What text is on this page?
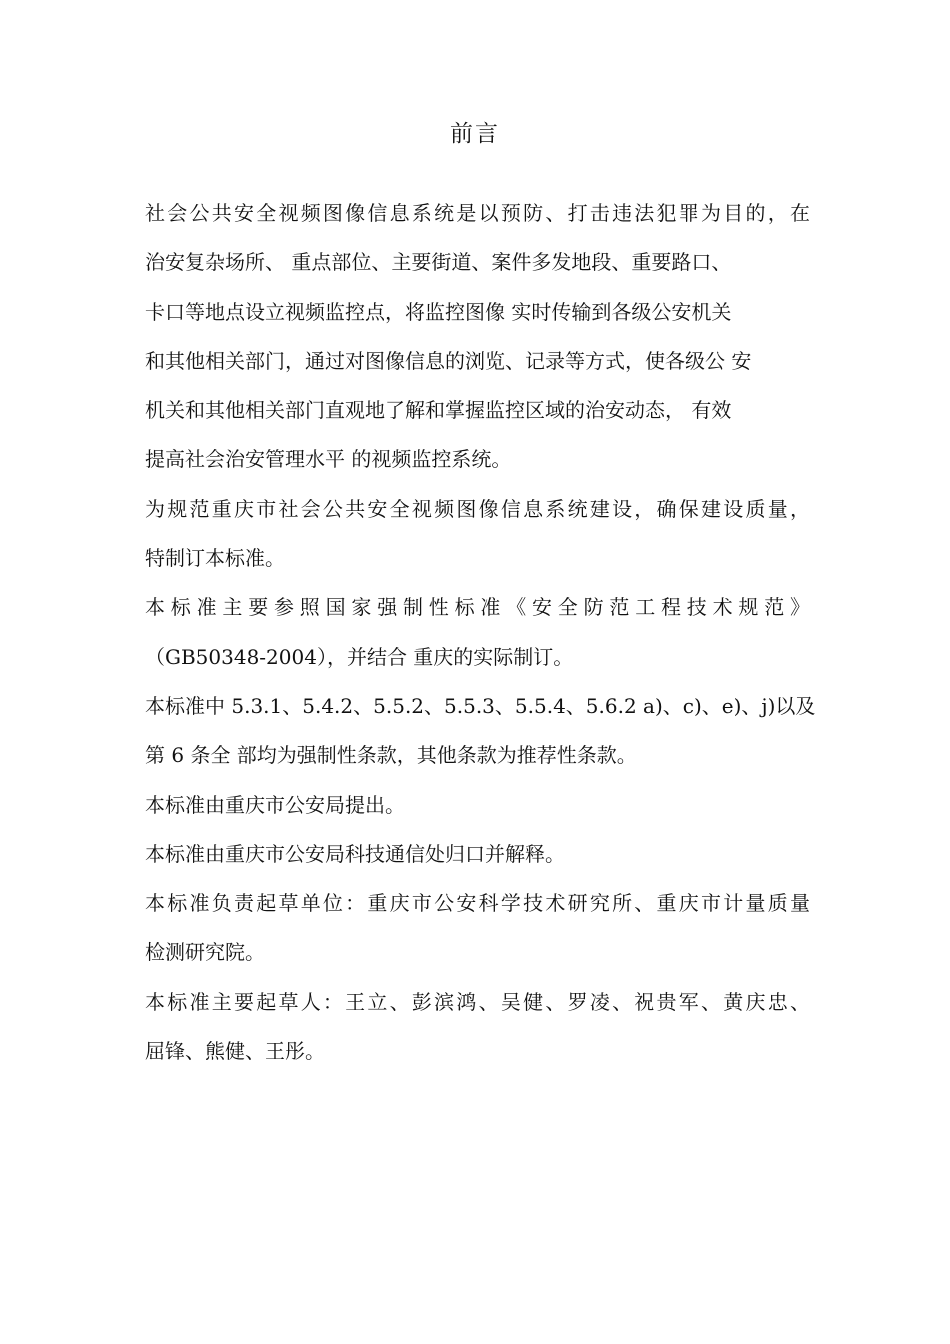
前言
社会公共安全视频图像信息系统是以预防、打击违法犯罪为目的，在
治安复杂场所、 重点部位、主要街道、案件多发地段、重要路口、
卡口等地点设立视频监控点，将监控图像 实时传输到各级公安机关
和其他相关部门，通过对图像信息的浏览、记录等方式，使各级公 安
机关和其他相关部门直观地了解和掌握监控区域的治安动态， 有效
提高社会治安管理水平 的视频监控系统。
为规范重庆市社会公共安全视频图像信息系统建设，确保建设质量，
特制订本标准。
本标准主要参照国家强制性标准《安全防范工程技术规范》
（GB50348-2004），并结合 重庆的实际制订。
本标准中 5.3.1、5.4.2、5.5.2、5.5.3、5.5.4、5.6.2 a)、c)、e)、j)以及
第 6 条全 部均为强制性条款，其他条款为推荐性条款。
本标准由重庆市公安局提出。
本标准由重庆市公安局科技通信处归口并解释。
本标准负责起草单位：重庆市公安科学技术研究所、重庆市计量质量
检测研究院。
本标准主要起草人：王立、彭滨鸿、吴健、罗凌、祝贵军、黄庆忠、
屈锋、熊健、王彤。
